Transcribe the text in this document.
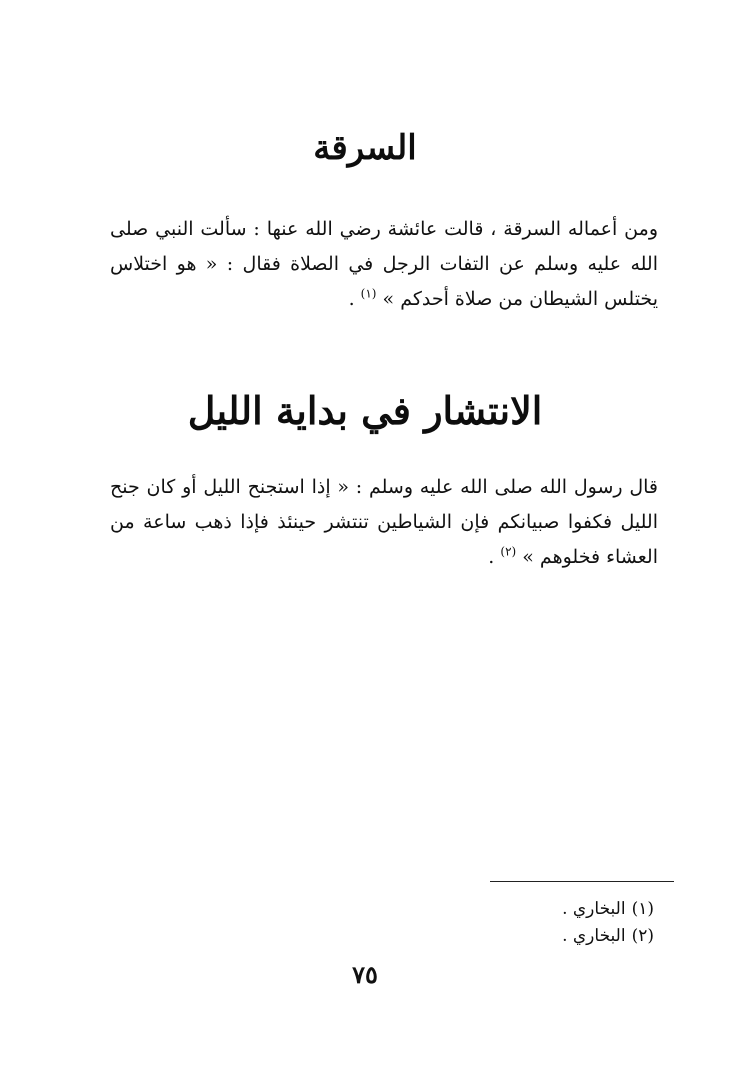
السرقة

ومن أعماله السرقة ، قالت عائشة رضي الله عنها : سألت النبي صلى الله عليه وسلم عن التفات الرجل في الصلاة فقال : « هو اختلاس يختلس الشيطان من صلاة أحدكم » $^{(١)}$ .

الانتشار في بداية الليل

قال رسول الله صلى الله عليه وسلم : « إذا استجنح الليل أو كان جنح الليل فكفوا صبيانكم فإن الشياطين تنتشر حينئذ فإذا ذهب ساعة من العشاء فخلوهم » $^{(٢)}$ .

(١)البخاري .
(٢)البخاري .
٧٥
